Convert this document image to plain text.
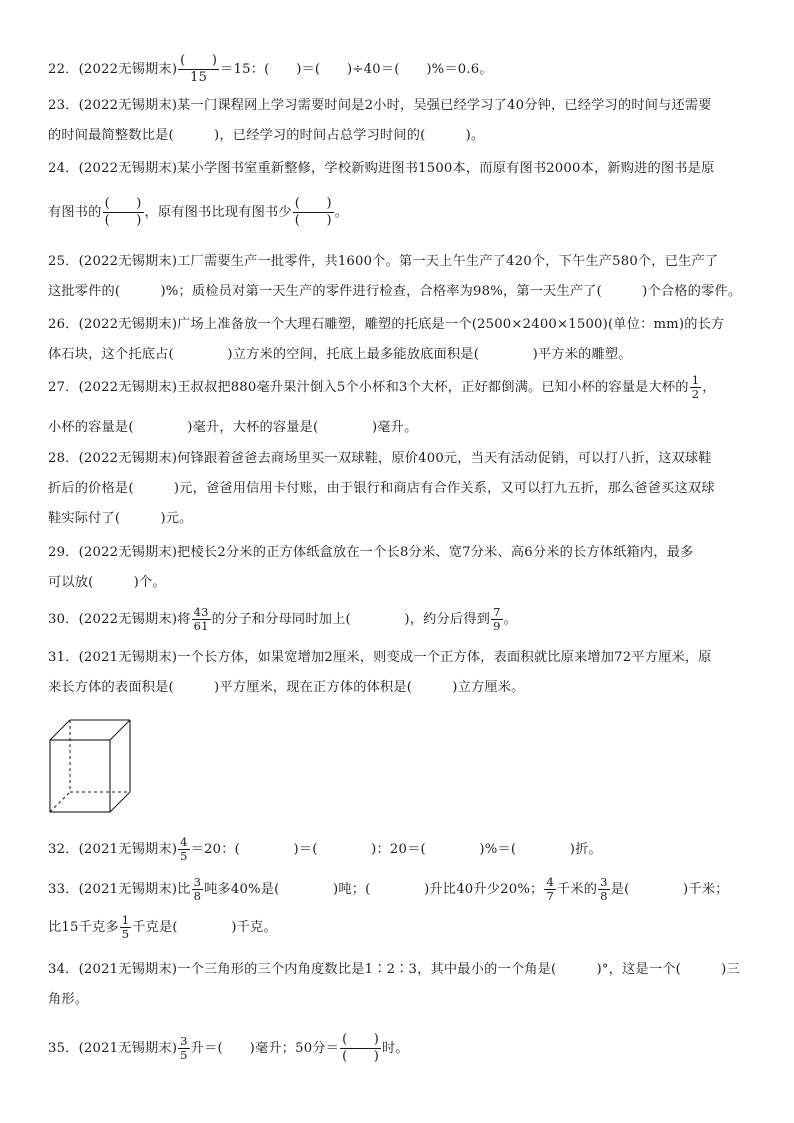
22．(2022无锡期末) $\frac{( )}{15} =15$：(　　)＝(　　)÷40＝(　　)%＝0.6。
23．(2022无锡期末)某一门课程网上学习需要时间是2小时，吴强已经学习了40分钟，已经学习的时间与还需要
的时间最简整数比是(　　　)，已经学习的时间占总学习时间的(　　　)。
24．(2022无锡期末)某小学图书室重新整修，学校新购进图书1500本，而原有图书2000本，新购进的图书是原
有图书的 $\frac{( )}{( )}$ ，原有图书比现有图书少 $\frac{( )}{( )}$ 。
25．(2022无锡期末)工厂需要生产一批零件，共1600个。第一天上午生产了420个，下午生产580个，已生产了
这批零件的(　　　)%；质检员对第一天生产的零件进行检查，合格率为98%，第一天生产了(　　　)个合格的零件。
26．(2022无锡期末)广场上准备放一个大理石雕塑，雕塑的托底是一个(2500×2400×1500)(单位：mm)的长方
体石块，这个托底占(　　　　)立方米的空间，托底上最多能放底面积是(　　　　)平方米的雕塑。
27．(2022无锡期末)王叔叔把880毫升果汁倒入5个小杯和3个大杯，正好都倒满。已知小杯的容量是大杯的 $\frac{1}{2}$ ，
小杯的容量是(　　　　)毫升，大杯的容量是(　　　　)毫升。
28．(2022无锡期末)何锋跟着爸爸去商场里买一双球鞋，原价400元，当天有活动促销，可以打八折，这双球鞋
折后的价格是(　　　)元，爸爸用信用卡付账，由于银行和商店有合作关系，又可以打九五折，那么爸爸买这双球
鞋实际付了(　　　)元。
29．(2022无锡期末)把棱长2分米的正方体纸盒放在一个长8分米、宽7分米、高6分米的长方体纸箱内，最多
可以放(　　　)个。
30．(2022无锡期末)将 $\frac{43}{61}$ 的分子和分母同时加上(　　　　)，约分后得到 $\frac{7}{9}$ 。
31．(2021无锡期末)一个长方体，如果宽增加2厘米，则变成一个正方体，表面积就比原来增加72平方厘米，原
来长方体的表面积是(　　　)平方厘米，现在正方体的体积是(　　　)立方厘米。
32．(2021无锡期末) $\frac{4}{5} =20$：(　　　　)＝(　　　　)：20＝(　　　　)%＝(　　　　)折。
33．(2021无锡期末)比 $\frac{3}{8}$ 吨多40%是(　　　　)吨；(　　　　)升比40升少20%； $\frac{4}{7}$ 千米的 $\frac{3}{8}$ 是(　　　　)千米；
比15千克多 $\frac{1}{5}$ 千克是(　　　　)千克。
34．(2021无锡期末)一个三角形的三个内角度数比是1∶2∶3，其中最小的一个角是(　　　)°，这是一个(　　　)三
角形。
35．(2021无锡期末) $\frac{3}{5}$ 升＝(　　)毫升；50分＝ $\frac{( )}{( )}$ 时。
